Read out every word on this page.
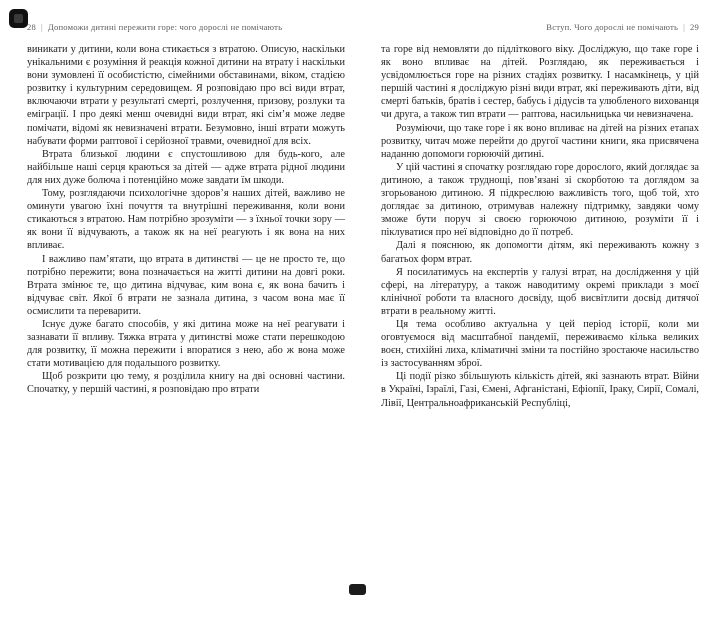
28 | Допоможи дитині пережити горе: чого дорослі не помічають

виникати у дитини, коли вона стикається з втратою. Описую, наскільки унікальними є розуміння й реакція кожної дитини на втрату і наскільки вони зумовлені її особистістю, сімейними обставинами, віком, стадією розвитку і культурним середовищем. Я розповідаю про всі види втрат, включаючи втрати у результаті смерті, розлучення, призову, розлуки та еміграції. І про деякі менш очевидні види втрат, які сім’я може ледве помічати, відомі як невизначені втрати. Безумовно, інші втрати можуть набувати форми раптової і серйозної травми, очевидної для всіх.

Втрата близької людини є спустошливою для будь-кого, але найбільше наші серця краються за дітей — адже втрата рідної людини для них дуже болюча і потенційно може завдати їм шкоди.

Тому, розглядаючи психологічне здоров’я наших дітей, важливо не оминути увагою їхні почуття та внутрішні переживання, коли вони стикаються з втратою. Нам потрібно зрозуміти — з їхньої точки зору — як вони її відчувають, а також як на неї реагують і як вона на них впливає.

І важливо пам’ятати, що втрата в дитинстві — це не просто те, що потрібно пережити; вона позначається на житті дитини на довгі роки. Втрата змінює те, що дитина відчуває, ким вона є, як вона бачить і відчуває світ. Якої б втрати не зазнала дитина, з часом вона має її осмислити та переварити.

Існує дуже багато способів, у які дитина може на неї реагувати і зазнавати її впливу. Тяжка втрата у дитинстві може стати перешкодою для розвитку, її можна пережити і впоратися з нею, або ж вона може стати мотивацією для подальшого розвитку.

Щоб розкрити цю тему, я розділила книгу на дві основні частини. Спочатку, у першій частині, я розповідаю про втрати

Вступ. Чого дорослі не помічають | 29

та горе від немовляти до підліткового віку. Досліджую, що таке горе і як воно впливає на дітей. Розглядаю, як переживається і усвідомлюється горе на різних стадіях розвитку. І насамкінець, у цій першій частині я досліджую різні види втрат, які переживають діти, від смерті батьків, братів і сестер, бабусь і дідусів та улюбленого вихованця чи друга, а також тип втрати — раптова, насильницька чи невизначена.

Розуміючи, що таке горе і як воно впливає на дітей на різних етапах розвитку, читач може перейти до другої частини книги, яка присвячена наданню допомоги горюючій дитині.

У цій частині я спочатку розглядаю горе дорослого, який доглядає за дитиною, а також труднощі, пов’язані зі скорботою та доглядом за згорьованою дитиною. Я підкреслюю важливість того, щоб той, хто доглядає за дитиною, отримував належну підтримку, завдяки чому зможе бути поруч зі своєю горюючою дитиною, розуміти її і піклуватися про неї відповідно до її потреб.

Далі я пояснюю, як допомогти дітям, які переживають кожну з багатьох форм втрат.

Я посилатимусь на експертів у галузі втрат, на дослідження у цій сфері, на літературу, а також наводитиму окремі приклади з моєї клінічної роботи та власного досвіду, щоб висвітлити досвід дитячої втрати в реальному житті.

Ця тема особливо актуальна у цей період історії, коли ми оговтуємося від масштабної пандемії, переживаємо кілька великих воєн, стихійні лиха, кліматичні зміни та постійно зростаюче насильство із застосуванням зброї.

Ці події різко збільшують кількість дітей, які зазнають втрат. Війни в Україні, Ізраїлі, Газі, Ємені, Афганістані, Ефіопії, Іраку, Сирії, Сомалі, Лівії, Центральноафриканській Республіці,
